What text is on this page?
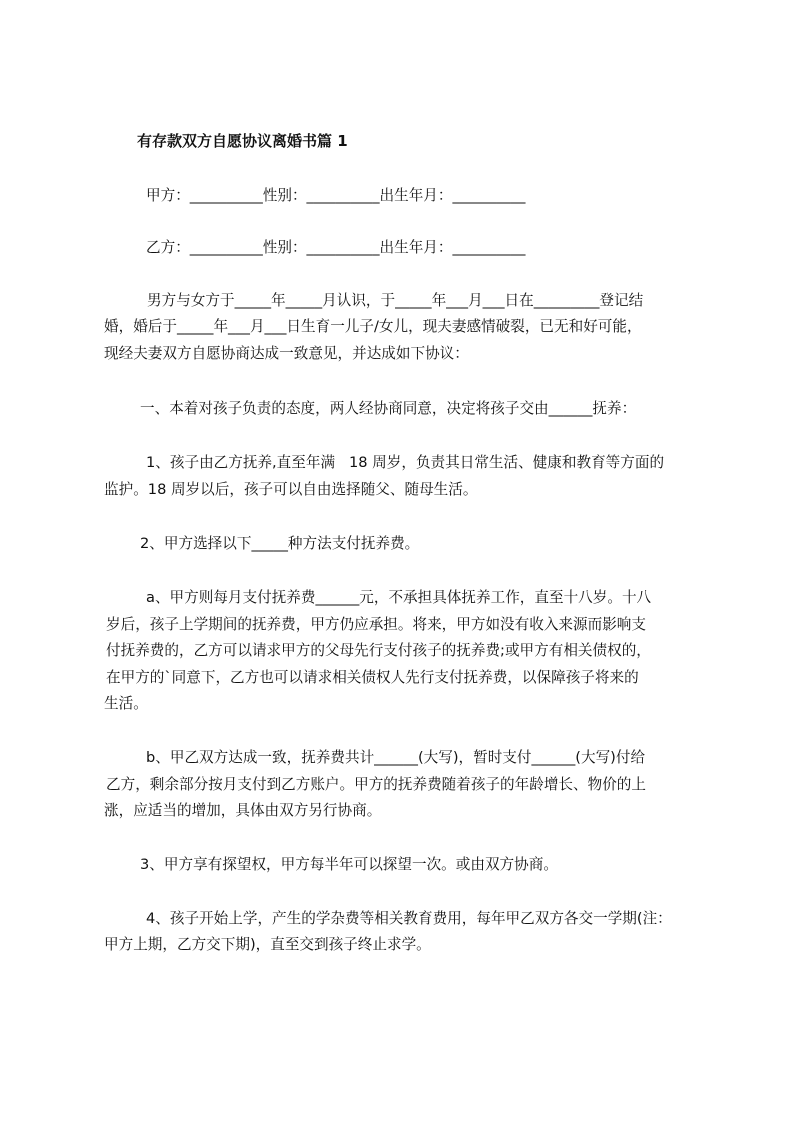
有存款双方自愿协议离婚书篇 1
甲方：__________性别：__________出生年月：__________
乙方：__________性别：__________出生年月：__________
男方与女方于_____年_____月认识，于_____年___月___日在_________登记结
婚，婚后于_____年___月___日生育一儿子/女儿，现夫妻感情破裂，已无和好可能，
现经夫妻双方自愿协商达成一致意见，并达成如下协议：
一、本着对孩子负责的态度，两人经协商同意，决定将孩子交由______抚养：
1、孩子由乙方抚养,直至年满   18 周岁，负责其日常生活、健康和教育等方面的
监护。18 周岁以后，孩子可以自由选择随父、随母生活。
2、甲方选择以下_____种方法支付抚养费。
a、甲方则每月支付抚养费______元，不承担具体抚养工作，直至十八岁。十八
岁后，孩子上学期间的抚养费，甲方仍应承担。将来，甲方如没有收入来源而影响支
付抚养费的，乙方可以请求甲方的父母先行支付孩子的抚养费;或甲方有相关债权的，
在甲方的`同意下，乙方也可以请求相关债权人先行支付抚养费，以保障孩子将来的
生活。
b、甲乙双方达成一致，抚养费共计______(大写)，暂时支付______(大写)付给
乙方，剩余部分按月支付到乙方账户。甲方的抚养费随着孩子的年龄增长、物价的上
涨，应适当的增加，具体由双方另行协商。
3、甲方享有探望权，甲方每半年可以探望一次。或由双方协商。
4、孩子开始上学，产生的学杂费等相关教育费用，每年甲乙双方各交一学期(注：
甲方上期，乙方交下期)，直至交到孩子终止求学。
